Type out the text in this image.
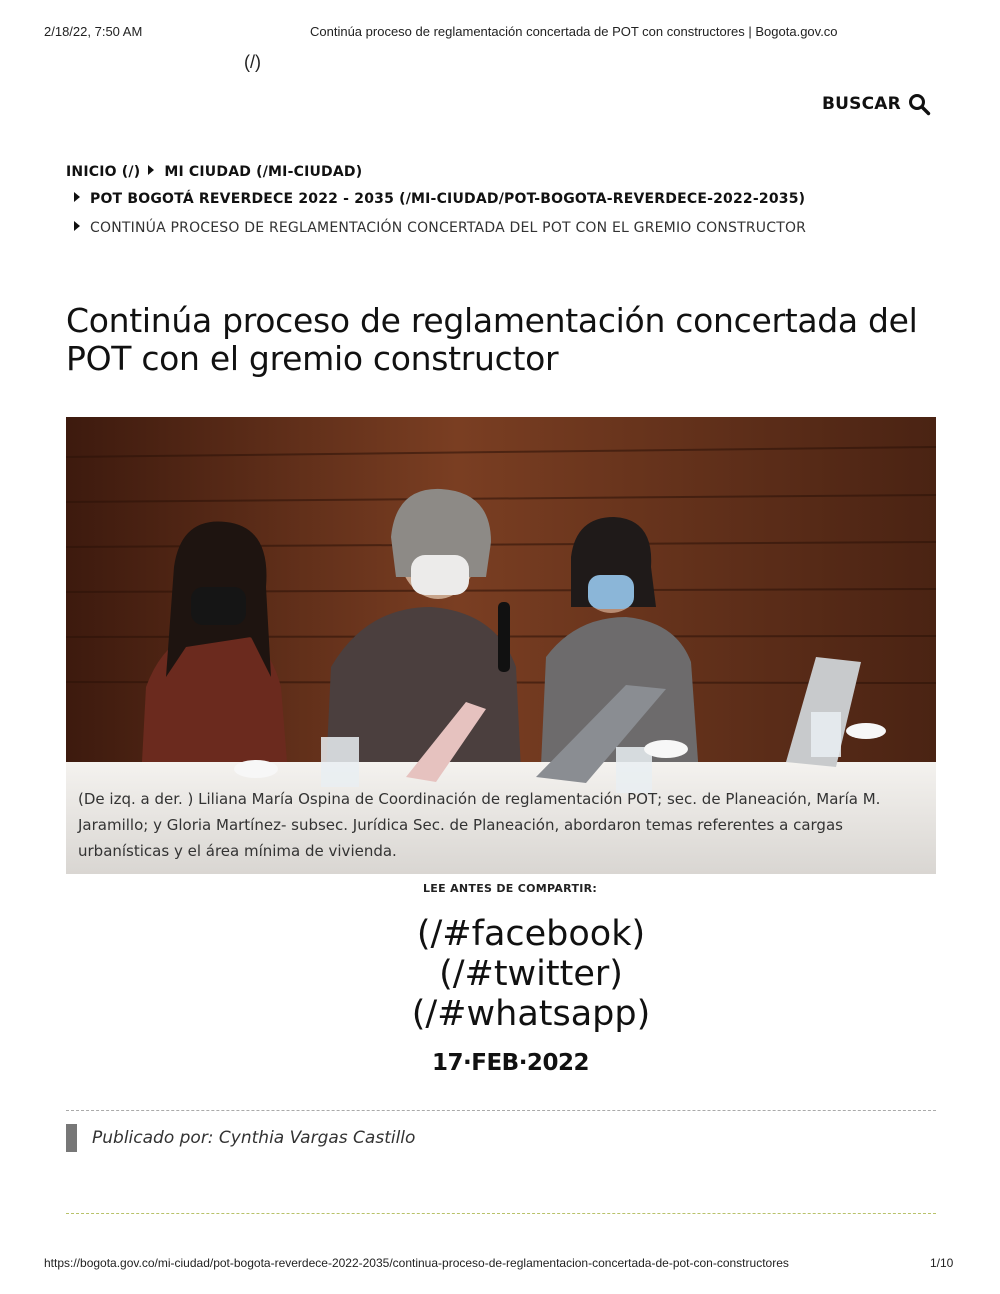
2/18/22, 7:50 AM	Continúa proceso de reglamentación concertada de POT con constructores | Bogota.gov.co
(/)
BUSCAR
INICIO (/) MI CIUDAD (/MI-CIUDAD)
POT BOGOTÁ REVERDECE 2022 - 2035 (/MI-CIUDAD/POT-BOGOTA-REVERDECE-2022-2035)
CONTINÚA PROCESO DE REGLAMENTACIÓN CONCERTADA DEL POT CON EL GREMIO CONSTRUCTOR
Continúa proceso de reglamentación concertada del POT con el gremio constructor
(De izq. a der. ) Liliana María Ospina de Coordinación de reglamentación POT; sec. de Planeación, María M. Jaramillo; y Gloria Martínez- subsec. Jurídica Sec. de Planeación, abordaron temas referentes a cargas urbanísticas y el área mínima de vivienda.
LEE ANTES DE COMPARTIR:
(/#facebook)
(/#twitter)
(/#whatsapp)
17·FEB·2022
Publicado por: Cynthia Vargas Castillo
https://bogota.gov.co/mi-ciudad/pot-bogota-reverdece-2022-2035/continua-proceso-de-reglamentacion-concertada-de-pot-con-constructores	1/10
